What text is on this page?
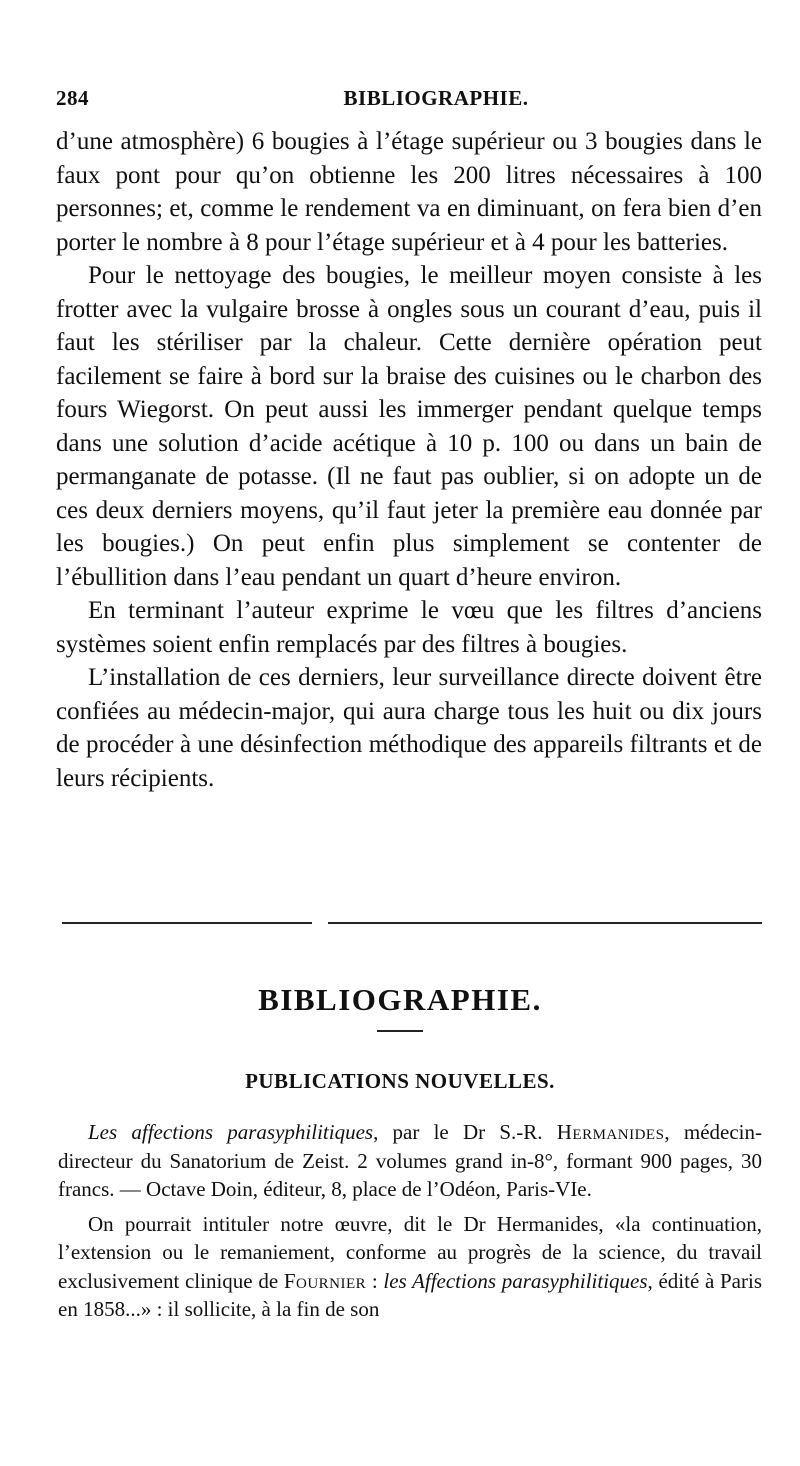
284	BIBLIOGRAPHIE.

d’une atmosphère) 6 bougies à l’étage supérieur ou 3 bougies dans le faux pont pour qu’on obtienne les 200 litres nécessaires à 100 personnes; et, comme le rendement va en diminuant, on fera bien d’en porter le nombre à 8 pour l’étage supérieur et à 4 pour les batteries.

Pour le nettoyage des bougies, le meilleur moyen consiste à les frotter avec la vulgaire brosse à ongles sous un courant d’eau, puis il faut les stériliser par la chaleur. Cette dernière opération peut facilement se faire à bord sur la braise des cuisines ou le charbon des fours Wiegorst. On peut aussi les immerger pendant quelque temps dans une solution d’acide acétique à 10 p. 100 ou dans un bain de permanganate de potasse. (Il ne faut pas oublier, si on adopte un de ces deux derniers moyens, qu’il faut jeter la première eau donnée par les bougies.) On peut enfin plus simplement se contenter de l’ébullition dans l’eau pendant un quart d’heure environ.

En terminant l’auteur exprime le vœu que les filtres d’anciens systèmes soient enfin remplacés par des filtres à bougies.

L’installation de ces derniers, leur surveillance directe doivent être confiées au médecin-major, qui aura charge tous les huit ou dix jours de procéder à une désinfection méthodique des appareils filtrants et de leurs récipients.

BIBLIOGRAPHIE.
PUBLICATIONS NOUVELLES.

Les affections parasyphilitiques, par le Dr S.-R. Hermanides, médecin-directeur du Sanatorium de Zeist. 2 volumes grand in-8°, formant 900 pages, 30 francs. — Octave Doin, éditeur, 8, place de l’Odéon, Paris-VIe.

On pourrait intituler notre œuvre, dit le Dr Hermanides, «la continuation, l’extension ou le remaniement, conforme au progrès de la science, du travail exclusivement clinique de Fournier : les Affections parasyphilitiques, édité à Paris en 1858...» : il sollicite, à la fin de son
